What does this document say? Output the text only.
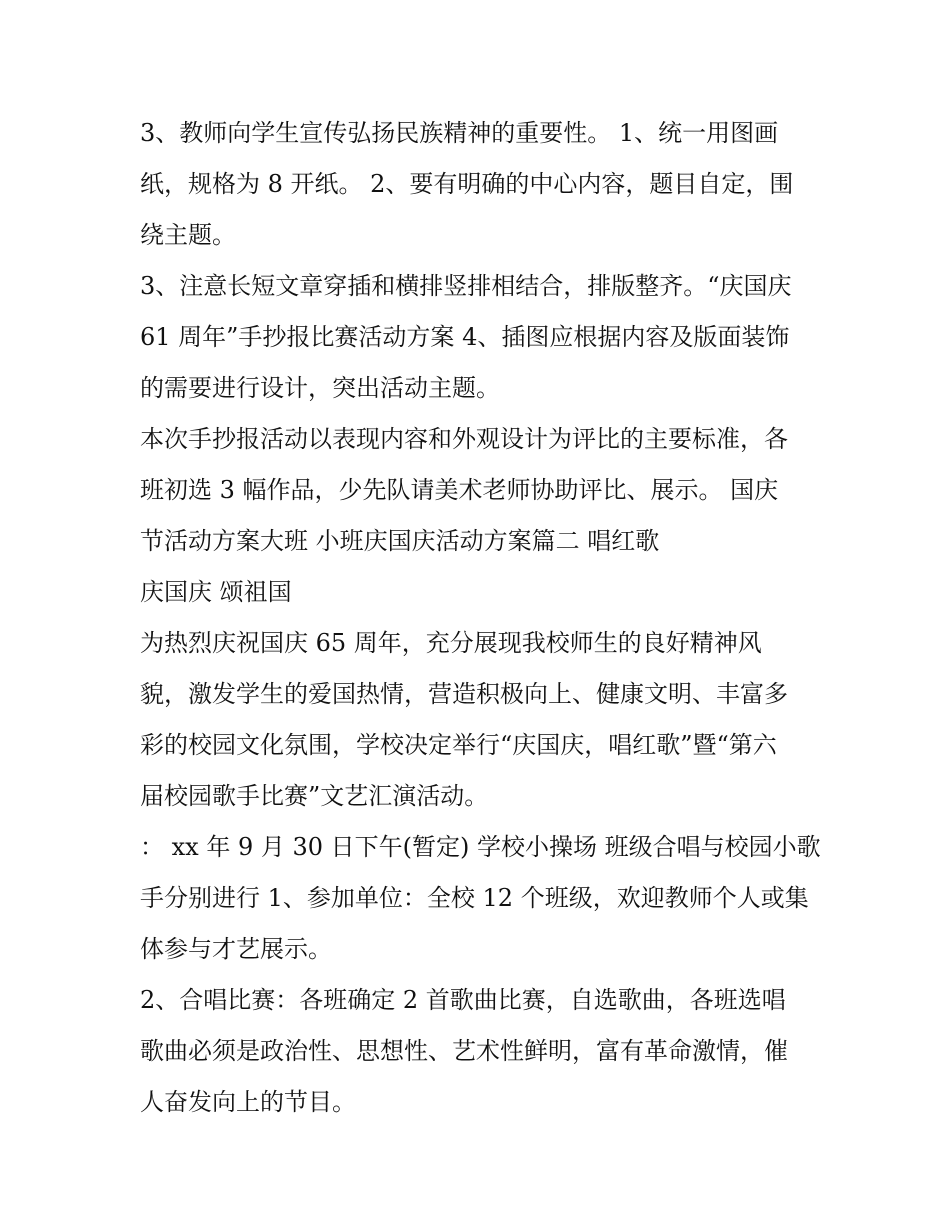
3、教师向学生宣传弘扬民族精神的重要性。 1、统一用图画
纸，规格为 8 开纸。 2、要有明确的中心内容，题目自定，围
绕主题。

3、注意长短文章穿插和横排竖排相结合，排版整齐。“庆国庆
61 周年”手抄报比赛活动方案 4、插图应根据内容及版面装饰
的需要进行设计，突出活动主题。

本次手抄报活动以表现内容和外观设计为评比的主要标准，各
班初选 3 幅作品，少先队请美术老师协助评比、展示。 国庆
节活动方案大班 小班庆国庆活动方案篇二 唱红歌

庆国庆 颂祖国

为热烈庆祝国庆 65 周年，充分展现我校师生的良好精神风
貌，激发学生的爱国热情，营造积极向上、健康文明、丰富多
彩的校园文化氛围，学校决定举行“庆国庆，唱红歌”暨“第六
届校园歌手比赛”文艺汇演活动。

： xx 年 9 月 30 日下午(暂定) 学校小操场 班级合唱与校园小歌
手分别进行 1、参加单位：全校 12 个班级，欢迎教师个人或集
体参与才艺展示。

2、合唱比赛：各班确定 2 首歌曲比赛，自选歌曲，各班选唱
歌曲必须是政治性、思想性、艺术性鲜明，富有革命激情，催
人奋发向上的节目。
